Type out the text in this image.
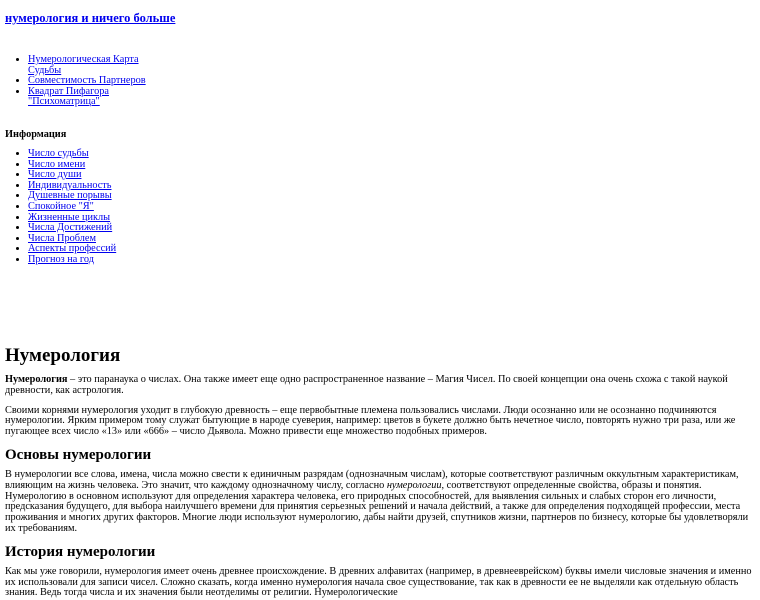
нумерология и ничего больше
• Нумерологическая Карта Судьбы
• Совместимость Партнеров
• Квадрат Пифагора "Психоматрица"
Информация
• Число судьбы
• Число имени
• Число души
• Индивидуальность
• Душевные порывы
• Спокойное "Я"
• Жизненные циклы
• Числа Достижений
• Числа Проблем
• Аспекты профессий
• Прогноз на год
Нумерология

Нумерология – это паранаука о числах. Она также имеет еще одно распространенное название – Магия Чисел. По своей концепции она очень схожа с такой наукой древности, как астрология.

Своими корнями нумерология уходит в глубокую древность – еще первобытные племена пользовались числами. Люди осознанно или не осознанно подчиняются нумерологии. Ярким примером тому служат бытующие в народе суеверия, например: цветов в букете должно быть нечетное число, повторять нужно три раза, или же пугающее всех число «13» или «666» – число Дьявола. Можно привести еще множество подобных примеров.

Основы нумерологии

В нумерологии все слова, имена, числа можно свести к единичным разрядам (однозначным числам), которые соответствуют различным оккультным характеристикам, влияющим на жизнь человека. Это значит, что каждому однозначному числу, согласно нумерологии, соответствуют определенные свойства, образы и понятия. Нумерологию в основном используют для определения характера человека, его природных способностей, для выявления сильных и слабых сторон его личности, предсказания будущего, для выбора наилучшего времени для принятия серьезных решений и начала действий, а также для определения подходящей профессии, места проживания и многих других факторов. Многие люди используют нумерологию, дабы найти друзей, спутников жизни, партнеров по бизнесу, которые бы удовлетворяли их требованиям.

История нумерологии

Как мы уже говорили, нумерология имеет очень древнее происхождение. В древних алфавитах (например, в древнееврейском) буквы имели числовые значения и именно их использовали для записи чисел. Сложно сказать, когда именно нумерология начала свое существование, так как в древности ее не выделяли как отдельную область знания. Ведь тогда числа и их значения были неотделимы от религии. Нумерологические
